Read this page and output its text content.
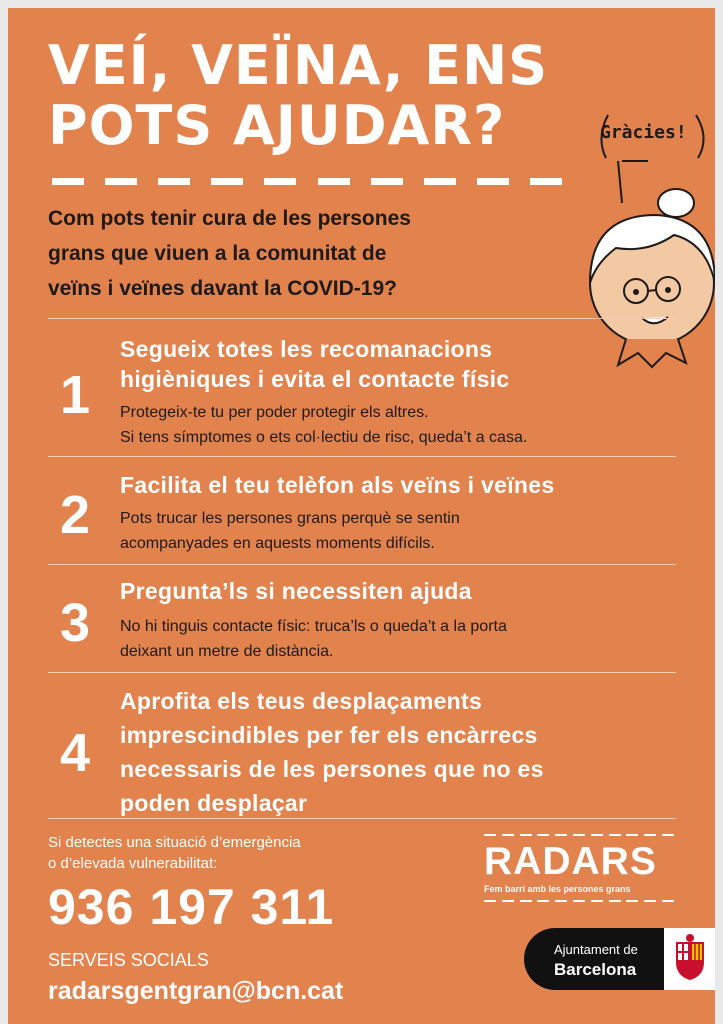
VEÍ, VEÏNA, ENS
POTS AJUDAR?	Gràcies!
Com pots tenir cura de les persones
grans que viuen a la comunitat de
veïns i veïnes davant la COVID-19?
1
Segueix totes les recomanacions
higièniques i evita el contacte físic
Protegeix-te tu per poder protegir els altres.
Si tens símptomes o ets col·lectiu de risc, queda’t a casa.
2 Facilita el teu telèfon als veïns i veïnes
Pots trucar les persones grans perquè se sentin
acompanyades en aquests moments difícils.
3
Pregunta’ls si necessiten ajuda
No hi tinguis contacte físic: truca’ls o queda’t a la porta
deixant un metre de distància.
4
Aprofita els teus desplaçaments
imprescindibles per fer els encàrrecs
necessaris de les persones que no es
poden desplaçar
Si detectes una situació d’emergència
o d’elevada vulnerabilitat:
936 197 311
SERVEIS SOCIALS
radarsgentgran@bcn.cat
RADARS
Fem barri amb les persones grans
Ajuntament de
Barcelona
